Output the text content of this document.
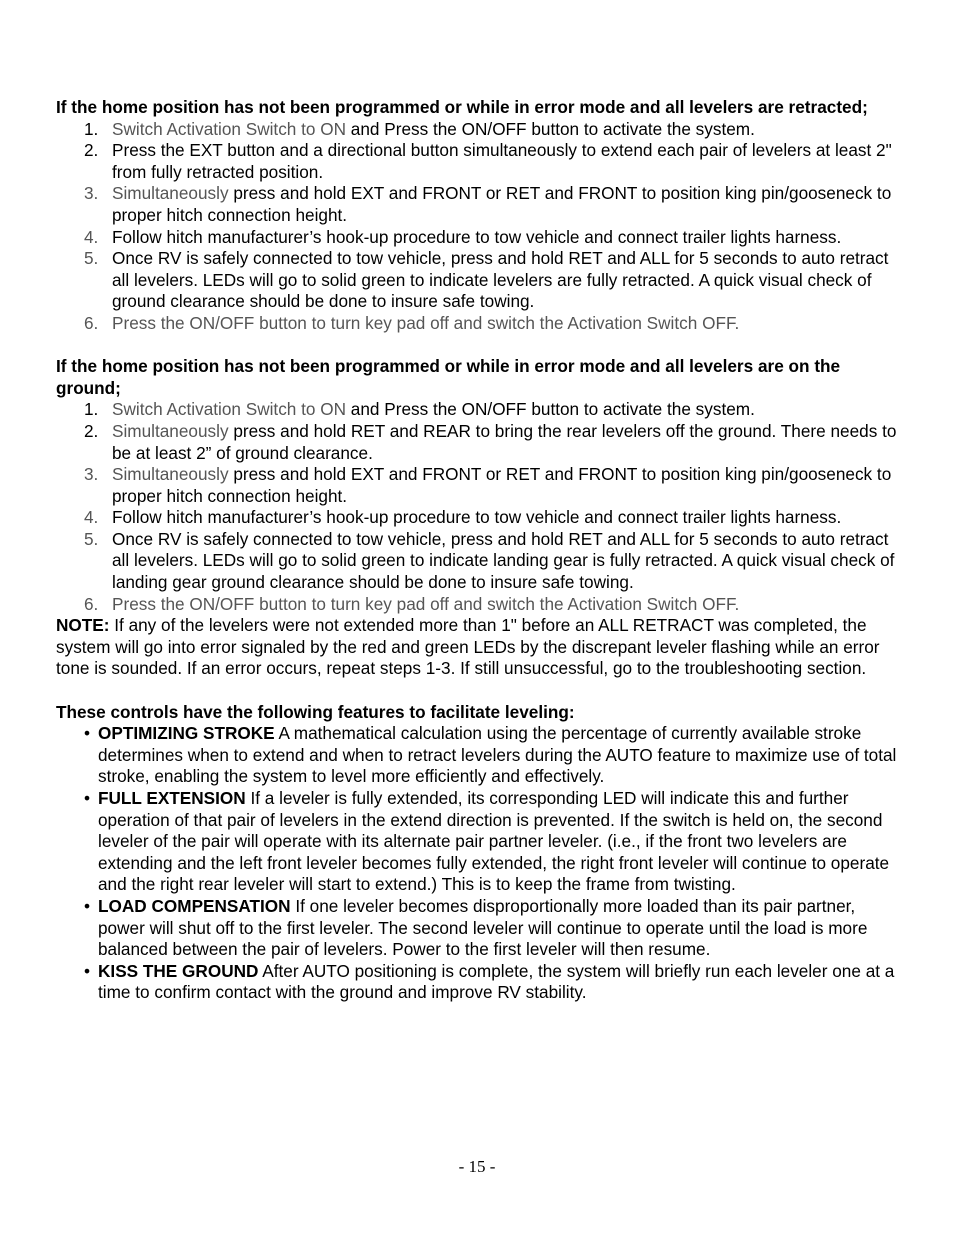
If the home position has not been programmed or while in error mode and all levelers are retracted;

1. Switch Activation Switch to ON and Press the ON/OFF button to activate the system.
2. Press the EXT button and a directional button simultaneously to extend each pair of levelers at least 2" from fully retracted position.
3. Simultaneously press and hold EXT and FRONT or RET and FRONT to position king pin/gooseneck to proper hitch connection height.
4. Follow hitch manufacturer’s hook-up procedure to tow vehicle and connect trailer lights harness.
5. Once RV is safely connected to tow vehicle, press and hold RET and ALL for 5 seconds to auto retract all levelers. LEDs will go to solid green to indicate levelers are fully retracted. A quick visual check of ground clearance should be done to insure safe towing.
6. Press the ON/OFF button to turn key pad off and switch the Activation Switch OFF.

If the home position has not been programmed or while in error mode and all levelers are on the ground;

1. Switch Activation Switch to ON and Press the ON/OFF button to activate the system.
2. Simultaneously press and hold RET and REAR to bring the rear levelers off the ground. There needs to be at least 2” of ground clearance.
3. Simultaneously press and hold EXT and FRONT or RET and FRONT to position king pin/gooseneck to proper hitch connection height.
4. Follow hitch manufacturer’s hook-up procedure to tow vehicle and connect trailer lights harness.
5. Once RV is safely connected to tow vehicle, press and hold RET and ALL for 5 seconds to auto retract all levelers. LEDs will go to solid green to indicate landing gear is fully retracted. A quick visual check of landing gear ground clearance should be done to insure safe towing.
6. Press the ON/OFF button to turn key pad off and switch the Activation Switch OFF.

NOTE: If any of the levelers were not extended more than 1" before an ALL RETRACT was completed, the system will go into error signaled by the red and green LEDs by the discrepant leveler flashing while an error tone is sounded. If an error occurs, repeat steps 1-3. If still unsuccessful, go to the troubleshooting section.

These controls have the following features to facilitate leveling:

• OPTIMIZING STROKE A mathematical calculation using the percentage of currently available stroke determines when to extend and when to retract levelers during the AUTO feature to maximize use of total stroke, enabling the system to level more efficiently and effectively.
• FULL EXTENSION If a leveler is fully extended, its corresponding LED will indicate this and further operation of that pair of levelers in the extend direction is prevented. If the switch is held on, the second leveler of the pair will operate with its alternate pair partner leveler. (i.e., if the front two levelers are extending and the left front leveler becomes fully extended, the right front leveler will continue to operate and the right rear leveler will start to extend.) This is to keep the frame from twisting.
• LOAD COMPENSATION If one leveler becomes disproportionally more loaded than its pair partner, power will shut off to the first leveler. The second leveler will continue to operate until the load is more balanced between the pair of levelers. Power to the first leveler will then resume.
• KISS THE GROUND After AUTO positioning is complete, the system will briefly run each leveler one at a time to confirm contact with the ground and improve RV stability.
- 15 -
